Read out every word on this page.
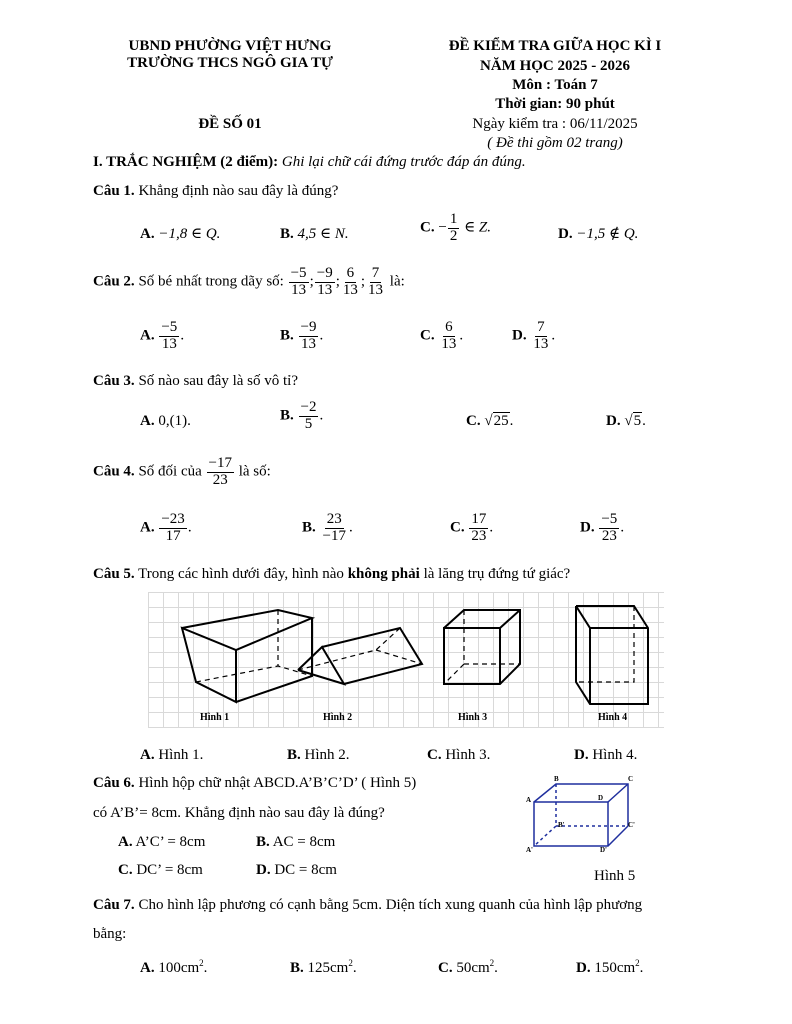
UBND PHƯỜNG VIỆT HƯNG
TRƯỜNG THCS NGÔ GIA TỰ
ĐỀ SỐ 01
ĐỀ KIỂM TRA GIỮA HỌC KÌ I
NĂM HỌC 2025 - 2026
Môn : Toán 7
Thời gian: 90 phút
Ngày kiểm tra : 06/11/2025
( Đề thi gồm 02 trang)
I. TRẮC NGHIỆM (2 điểm): Ghi lại chữ cái đứng trước đáp án đúng.
Câu 1. Khẳng định nào sau đây là đúng?
A. −1,8 ∈ Q.	B. 4,5 ∈ N.	C. − $\frac{1}{2}$ ∈ Z.	D. −1,5 ∉ Q.
Câu 2. Số bé nhất trong dãy số: $\frac{-5}{13}$ ; $\frac{-9}{13}$ ; $\frac{6}{13}$ ; $\frac{7}{13}$ là:
A. $\frac{-5}{13}$ .	B. $\frac{-9}{13}$ .	C. $\frac{6}{13}$ .	D. $\frac{7}{13}$ .
Câu 3. Số nào sau đây là số vô tỉ?
A. 0,(1).	B. $\frac{-2}{5}$ .	C. √25.	D. √5.
Câu 4. Số đối của $\frac{-17}{23}$ là số:
A. $\frac{-23}{17}$ .	B. $\frac{23}{-17}$ .	C. $\frac{17}{23}$ .	D. $\frac{-5}{23}$ .
Câu 5. Trong các hình dưới đây, hình nào không phải là lăng trụ đứng tứ giác?
Hình 1	Hình 2	Hình 3	Hình 4
A. Hình 1.	B. Hình 2.	C. Hình 3.	D. Hình 4.
Câu 6. Hình hộp chữ nhật ABCD.A’B’C’D’ ( Hình 5)
có A’B’= 8cm. Khẳng định nào sau đây là đúng?
A. A’C’ = 8cm	B. AC = 8cm
C. DC’ = 8cm	D. DC = 8cm
B	C
A	D
B'	C'
A'	D'
Hình 5
Câu 7. Cho hình lập phương có cạnh bằng 5cm. Diện tích xung quanh của hình lập phương
bằng:
A. $100cm^2$.	B. $125cm^2$.	C. $50cm^2$.	D. $150cm^2$.
